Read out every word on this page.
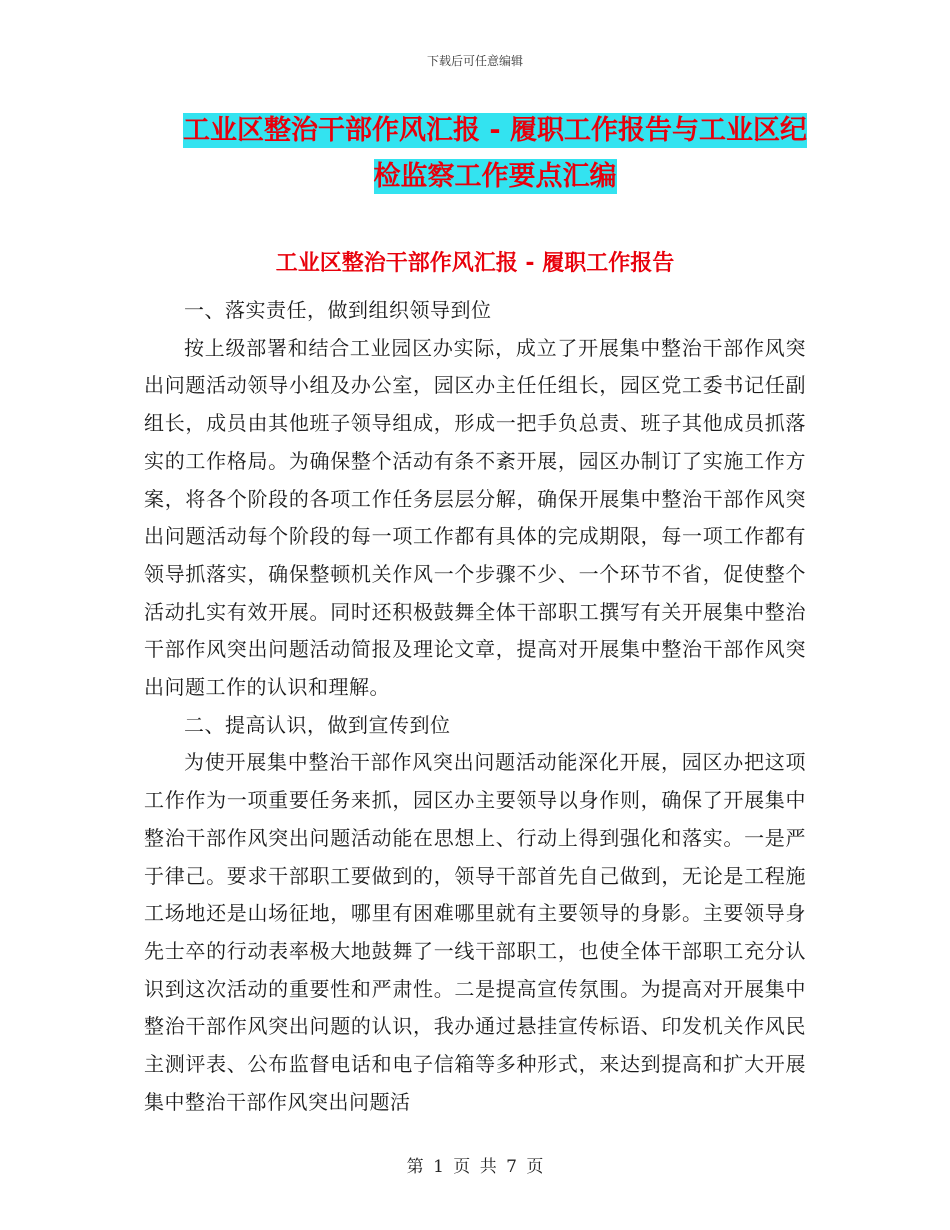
下载后可任意编辑
工业区整治干部作风汇报 - 履职工作报告与工业区纪
检监察工作要点汇编
工业区整治干部作风汇报 - 履职工作报告

一、落实责任，做到组织领导到位

按上级部署和结合工业园区办实际，成立了开展集中整治干部作风突出问题活动领导小组及办公室，园区办主任任组长，园区党工委书记任副组长，成员由其他班子领导组成，形成一把手负总责、班子其他成员抓落实的工作格局。为确保整个活动有条不紊开展，园区办制订了实施工作方案，将各个阶段的各项工作任务层层分解，确保开展集中整治干部作风突出问题活动每个阶段的每一项工作都有具体的完成期限，每一项工作都有领导抓落实，确保整顿机关作风一个步骤不少、一个环节不省，促使整个活动扎实有效开展。同时还积极鼓舞全体干部职工撰写有关开展集中整治干部作风突出问题活动简报及理论文章，提高对开展集中整治干部作风突出问题工作的认识和理解。

二、提高认识，做到宣传到位

为使开展集中整治干部作风突出问题活动能深化开展，园区办把这项工作作为一项重要任务来抓，园区办主要领导以身作则，确保了开展集中整治干部作风突出问题活动能在思想上、行动上得到强化和落实。一是严于律己。要求干部职工要做到的，领导干部首先自己做到，无论是工程施工场地还是山场征地，哪里有困难哪里就有主要领导的身影。主要领导身先士卒的行动表率极大地鼓舞了一线干部职工，也使全体干部职工充分认识到这次活动的重要性和严肃性。二是提高宣传氛围。为提高对开展集中整治干部作风突出问题的认识，我办通过悬挂宣传标语、印发机关作风民主测评表、公布监督电话和电子信箱等多种形式，来达到提高和扩大开展集中整治干部作风突出问题活

第 1 页 共 7 页
